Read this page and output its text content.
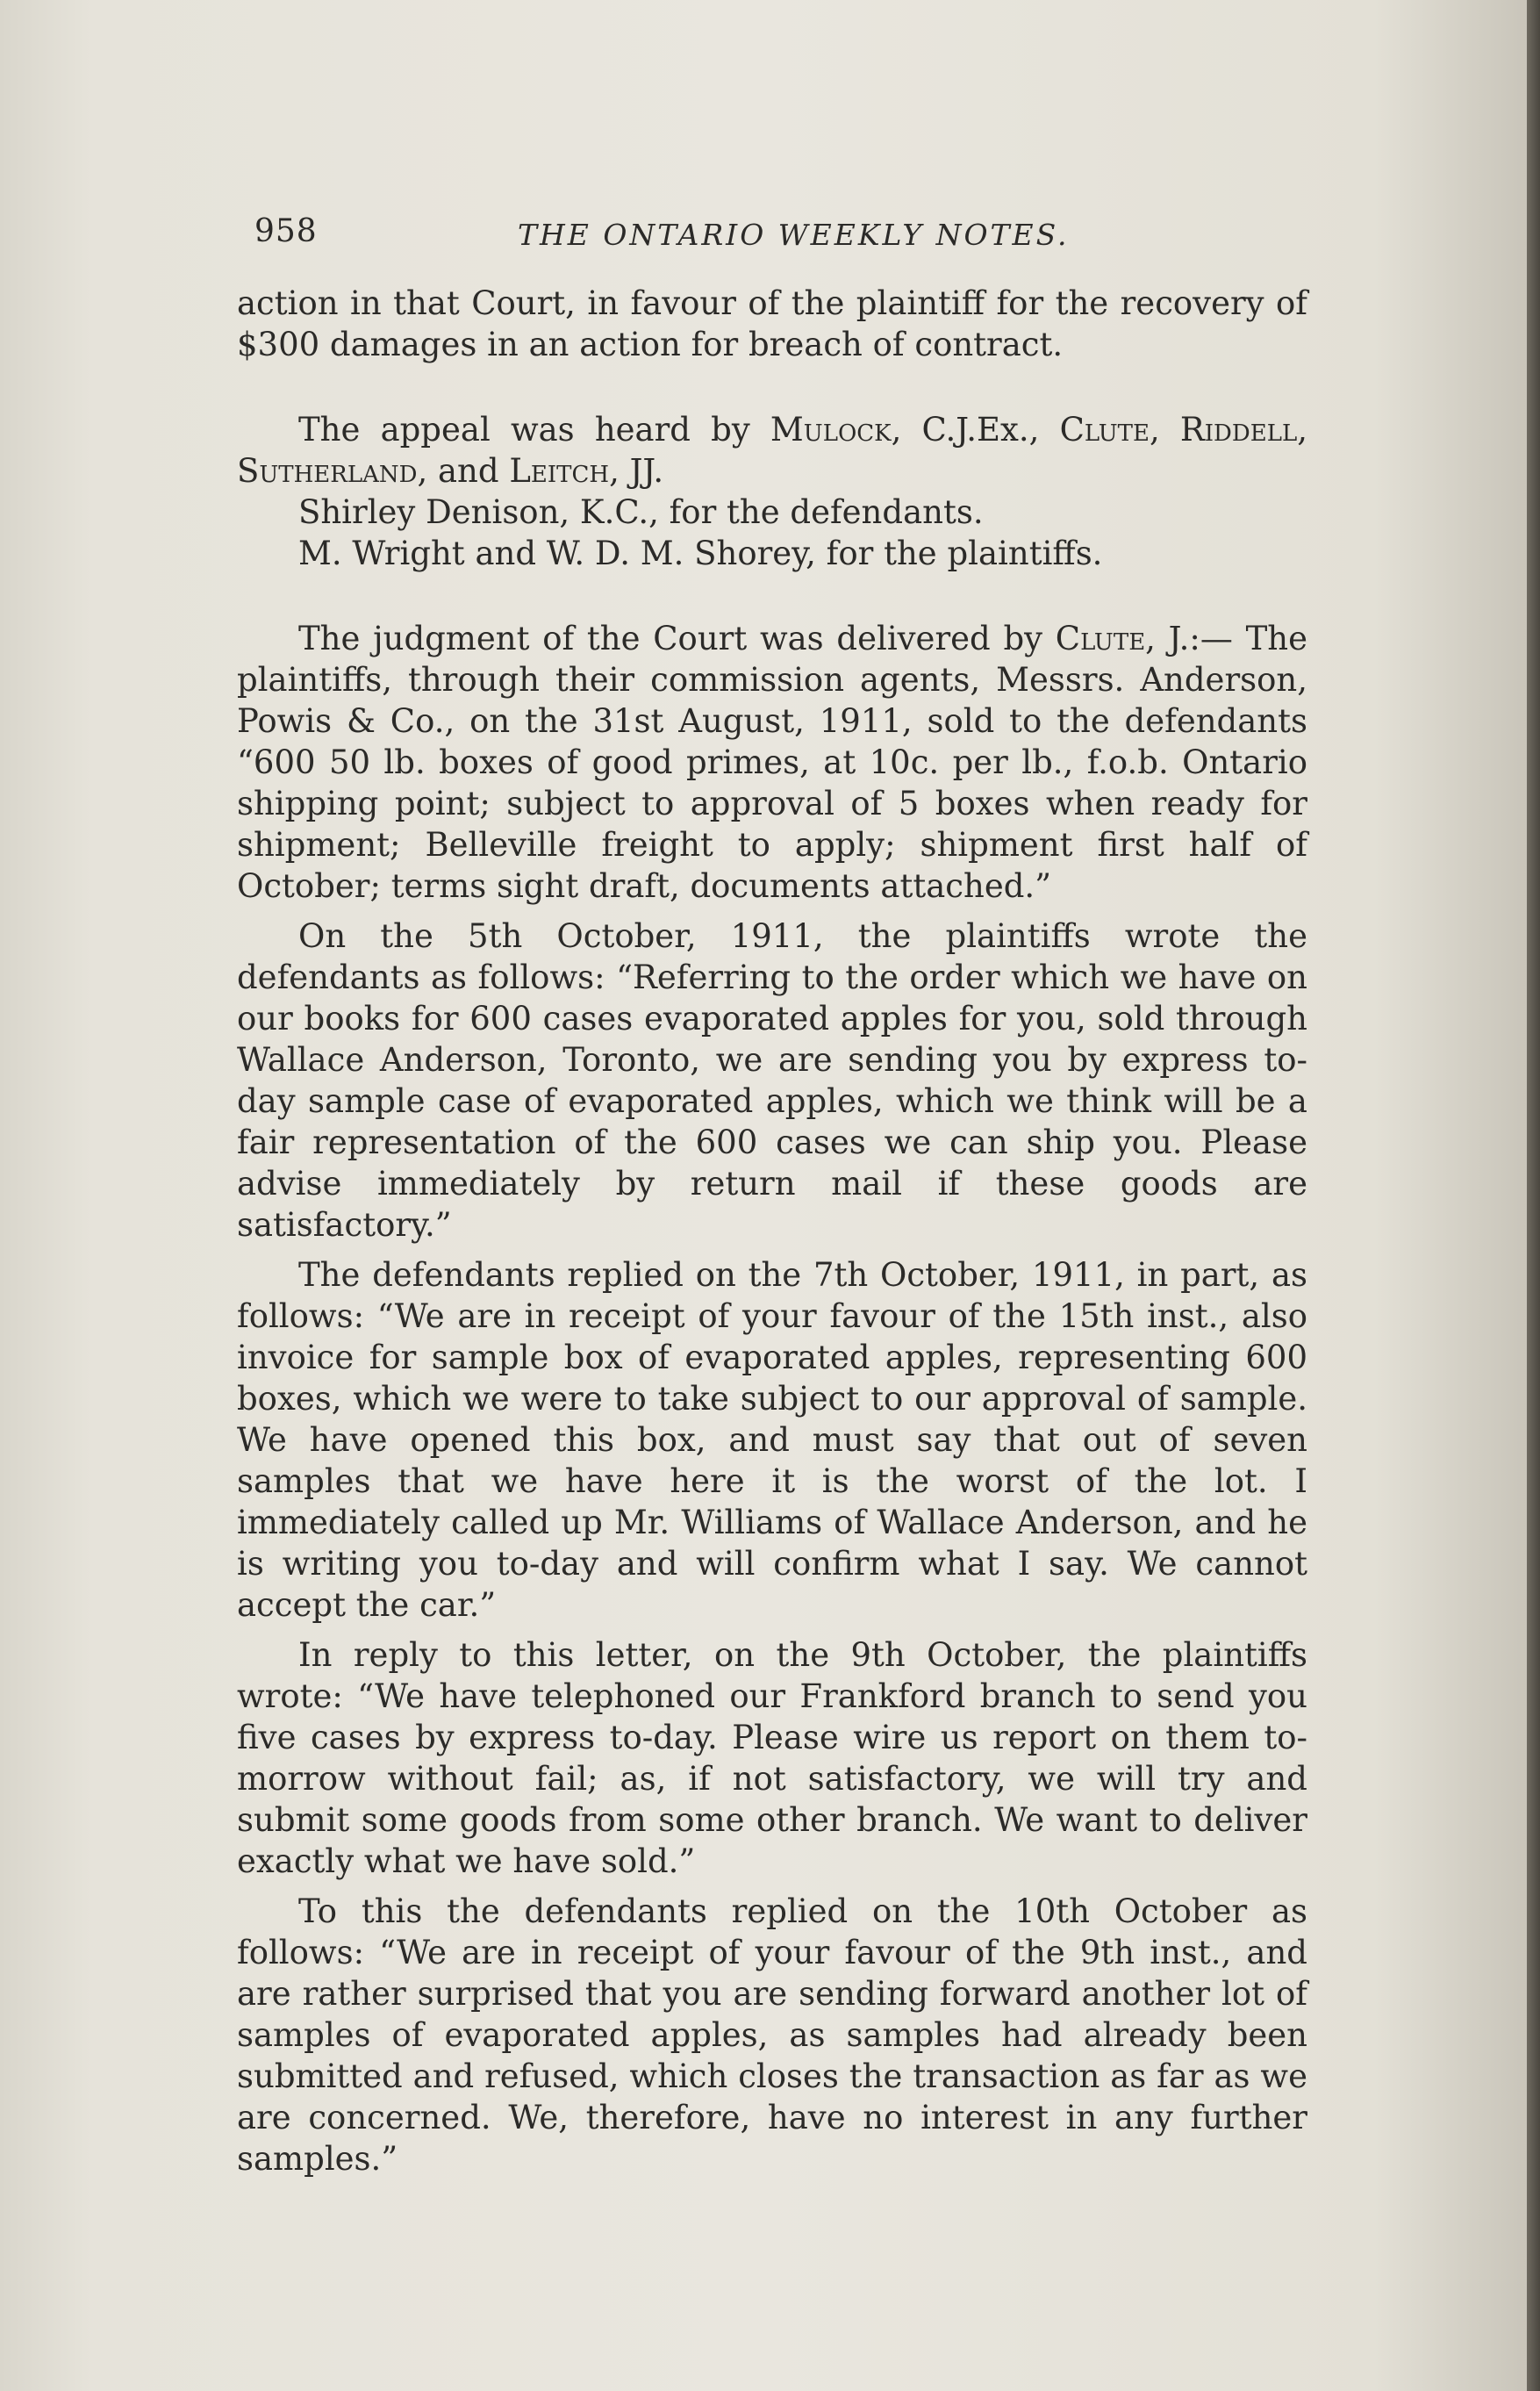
958	THE ONTARIO WEEKLY NOTES.

action in that Court, in favour of the plaintiff for the recovery of $300 damages in an action for breach of contract.

The appeal was heard by Mulock, C.J.Ex., Clute, Riddell, Sutherland, and Leitch, JJ.

Shirley Denison, K.C., for the defendants.

M. Wright and W. D. M. Shorey, for the plaintiffs.

The judgment of the Court was delivered by Clute, J.:— The plaintiffs, through their commission agents, Messrs. Anderson, Powis & Co., on the 31st August, 1911, sold to the defendants “600 50 lb. boxes of good primes, at 10c. per lb., f.o.b. Ontario shipping point; subject to approval of 5 boxes when ready for shipment; Belleville freight to apply; shipment first half of October; terms sight draft, documents attached.”

On the 5th October, 1911, the plaintiffs wrote the defendants as follows: “Referring to the order which we have on our books for 600 cases evaporated apples for you, sold through Wallace Anderson, Toronto, we are sending you by express to-day sample case of evaporated apples, which we think will be a fair representation of the 600 cases we can ship you. Please advise immediately by return mail if these goods are satisfactory.”

The defendants replied on the 7th October, 1911, in part, as follows: “We are in receipt of your favour of the 15th inst., also invoice for sample box of evaporated apples, representing 600 boxes, which we were to take subject to our approval of sample. We have opened this box, and must say that out of seven samples that we have here it is the worst of the lot. I immediately called up Mr. Williams of Wallace Anderson, and he is writing you to-day and will confirm what I say. We cannot accept the car.”

In reply to this letter, on the 9th October, the plaintiffs wrote: “We have telephoned our Frankford branch to send you five cases by express to-day. Please wire us report on them to-morrow without fail; as, if not satisfactory, we will try and submit some goods from some other branch. We want to deliver exactly what we have sold.”

To this the defendants replied on the 10th October as follows: “We are in receipt of your favour of the 9th inst., and are rather surprised that you are sending forward another lot of samples of evaporated apples, as samples had already been submitted and refused, which closes the transaction as far as we are concerned. We, therefore, have no interest in any further samples.”
